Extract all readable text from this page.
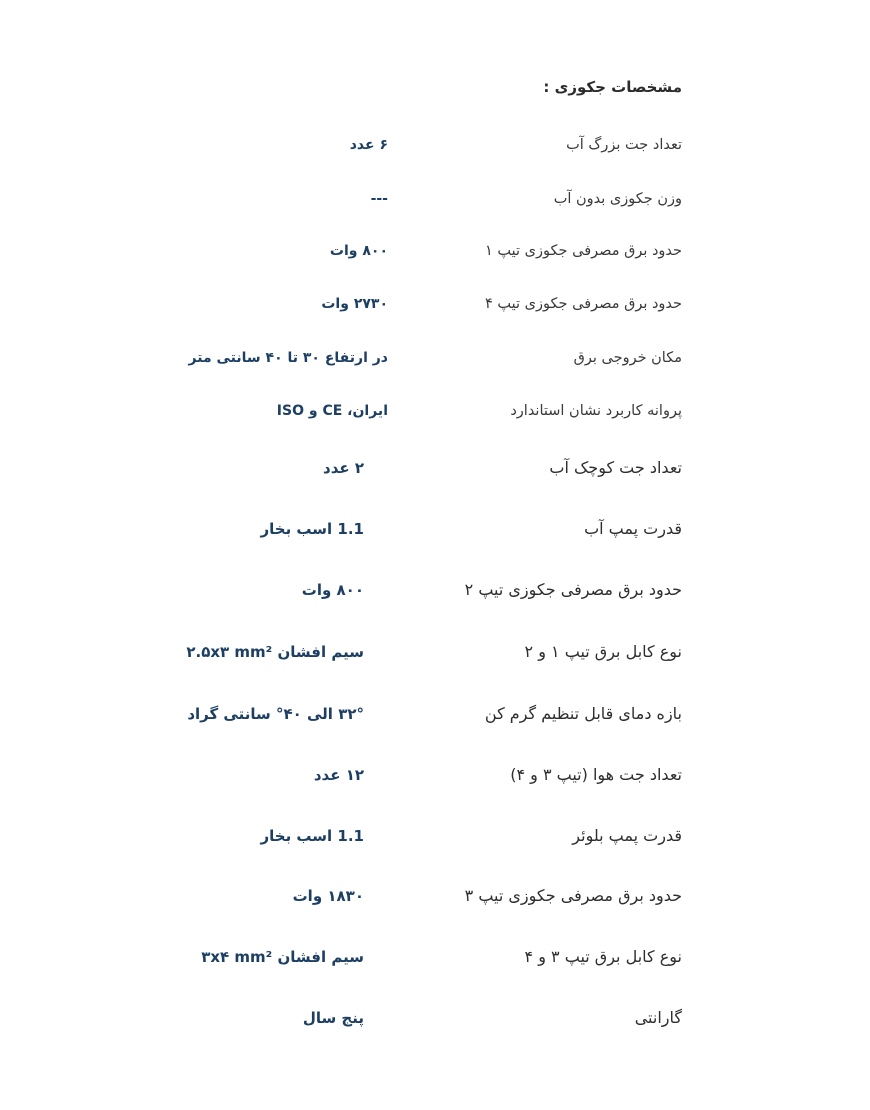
مشخصات جکوزی :
تعداد جت بزرگ آب
۶ عدد
وزن جکوزی بدون آب
---
حدود برق مصرفی جکوزی تیپ ۱
۸۰۰ وات
حدود برق مصرفی جکوزی تیپ ۴
۲۷۳۰ وات
مکان خروجی برق
در ارتفاع ۳۰ تا ۴۰ سانتی متر
پروانه کاربرد نشان استاندارد
ایران، CE و ISO
تعداد جت کوچک آب
۲ عدد
قدرت پمپ آب
1.1 اسب بخار
حدود برق مصرفی جکوزی تیپ ۲
۸۰۰ وات
نوع کابل برق تیپ ۱ و ۲
سیم افشان ۲.۵x۳ mm²
بازه دمای قابل تنظیم گرم کن
۳۲° الی ۴۰° سانتی گراد
تعداد جت هوا (تیپ ۳ و ۴)
۱۲ عدد
قدرت پمپ بلوئر
1.1 اسب بخار
حدود برق مصرفی جکوزی تیپ ۳
۱۸۳۰ وات
نوع کابل برق تیپ ۳ و ۴
سیم افشان ۳x۴ mm²
گارانتی
پنج سال
